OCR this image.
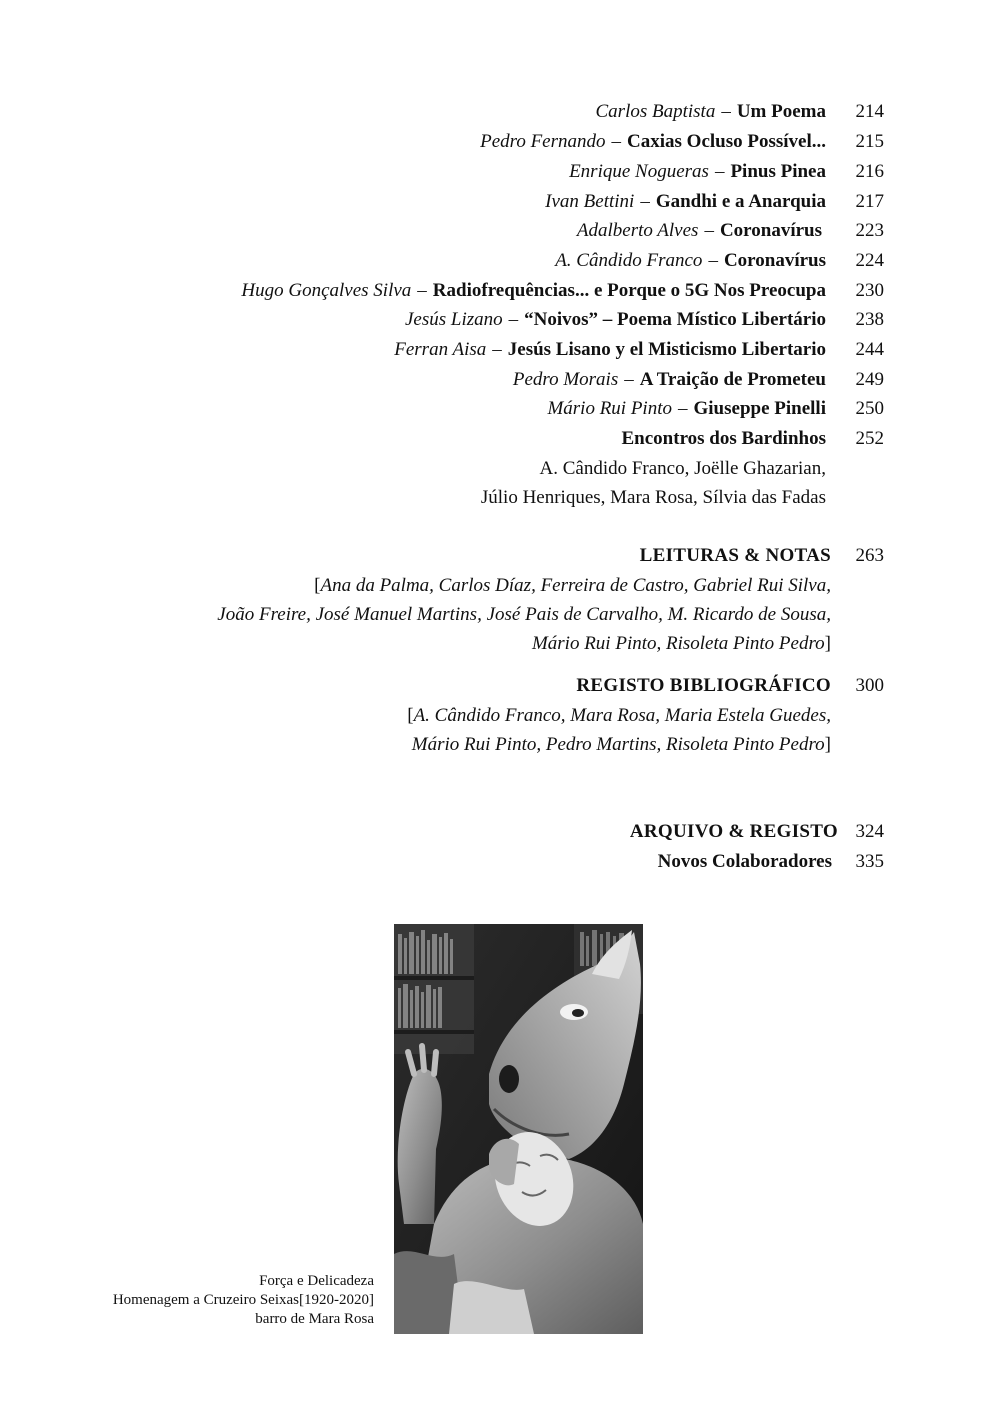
Carlos Baptista – Um Poema	214
Pedro Fernando – Caxias Ocluso Possível...	215
Enrique Nogueras – Pinus Pinea	216
Ivan Bettini – Gandhi e a Anarquia	217
Adalberto Alves – Coronavírus	223
A. Cândido Franco – Coronavírus	224
Hugo Gonçalves Silva – Radiofrequências... e Porque o 5G Nos Preocupa	230
Jesús Lizano – “Noivos” – Poema Místico Libertário	238
Ferran Aisa – Jesús Lisano y el Misticismo Libertario	244
Pedro Morais – A Traição de Prometeu	249
Mário Rui Pinto – Giuseppe Pinelli	250
Encontros dos Bardinhos	252
A. Cândido Franco, Joëlle Ghazarian,
Júlio Henriques, Mara Rosa, Sílvia das Fadas
LEITURAS & NOTAS	263
[Ana da Palma, Carlos Díaz, Ferreira de Castro, Gabriel Rui Silva,
João Freire, José Manuel Martins, José Pais de Carvalho, M. Ricardo de Sousa,
Mário Rui Pinto, Risoleta Pinto Pedro]
REGISTO BIBLIOGRÁFICO	300
[A. Cândido Franco, Mara Rosa, Maria Estela Guedes,
Mário Rui Pinto, Pedro Martins, Risoleta Pinto Pedro]
ARQUIVO & REGISTO 324
Novos Colaboradores	335
Força e Delicadeza
Homenagem a Cruzeiro Seixas[1920-2020]
barro de Mara Rosa
